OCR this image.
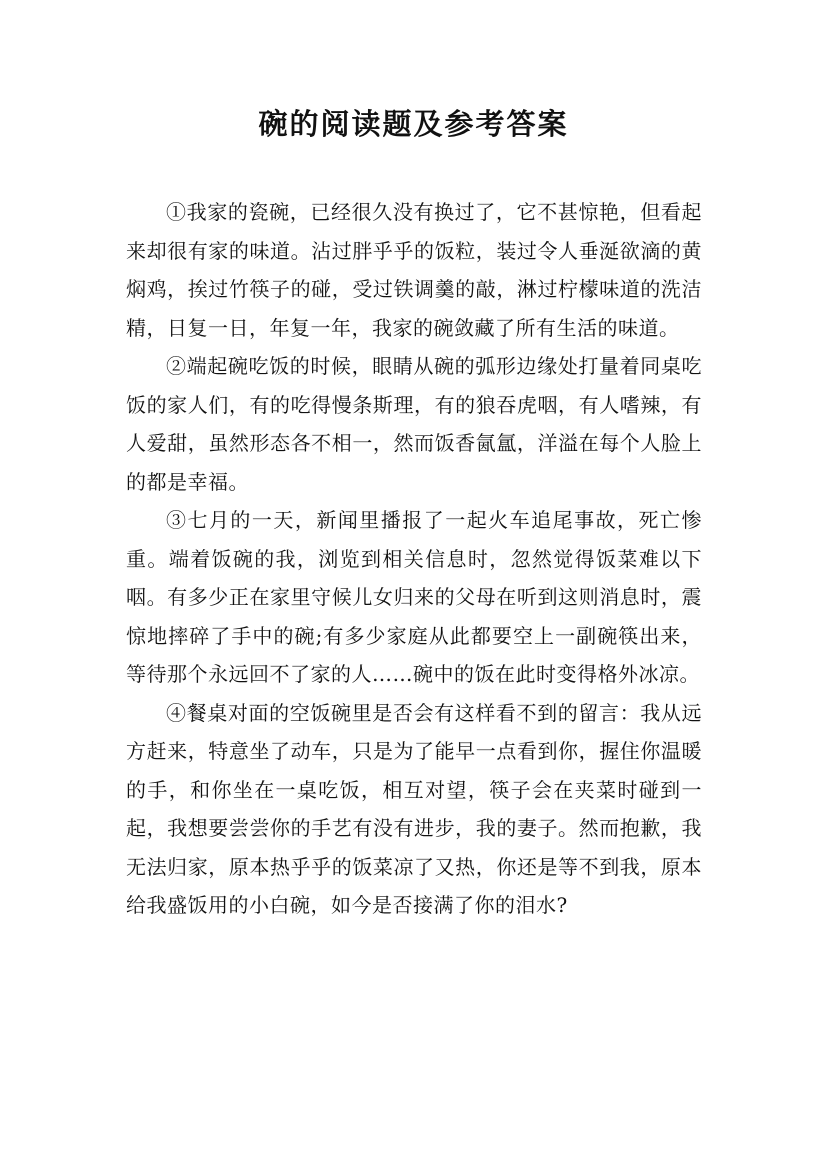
碗的阅读题及参考答案

①我家的瓷碗，已经很久没有换过了，它不甚惊艳，但看起来却很有家的味道。沾过胖乎乎的饭粒，装过令人垂涎欲滴的黄焖鸡，挨过竹筷子的碰，受过铁调羹的敲，淋过柠檬味道的洗洁精，日复一日，年复一年，我家的碗敛藏了所有生活的味道。

②端起碗吃饭的时候，眼睛从碗的弧形边缘处打量着同桌吃饭的家人们，有的吃得慢条斯理，有的狼吞虎咽，有人嗜辣，有人爱甜，虽然形态各不相一，然而饭香氤氲，洋溢在每个人脸上的都是幸福。

③七月的一天，新闻里播报了一起火车追尾事故，死亡惨重。端着饭碗的我，浏览到相关信息时，忽然觉得饭菜难以下咽。有多少正在家里守候儿女归来的父母在听到这则消息时，震惊地摔碎了手中的碗;有多少家庭从此都要空上一副碗筷出来，等待那个永远回不了家的人……碗中的饭在此时变得格外冰凉。

④餐桌对面的空饭碗里是否会有这样看不到的留言：我从远方赶来，特意坐了动车，只是为了能早一点看到你，握住你温暖的手，和你坐在一桌吃饭，相互对望，筷子会在夹菜时碰到一起，我想要尝尝你的手艺有没有进步，我的妻子。然而抱歉，我无法归家，原本热乎乎的饭菜凉了又热，你还是等不到我，原本给我盛饭用的小白碗，如今是否接满了你的泪水?
